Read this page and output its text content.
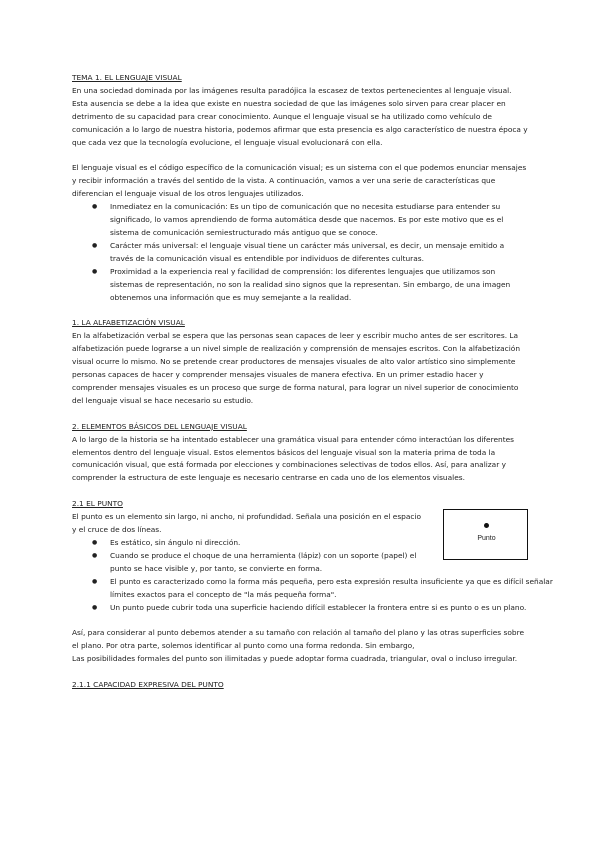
TEMA 1. EL LENGUAJE VISUAL

En una sociedad dominada por las imágenes resulta paradójica la escasez de textos pertenecientes al lenguaje visual. Esta ausencia se debe a la idea que existe en nuestra sociedad de que las imágenes solo sirven para crear placer en detrimento de su capacidad para crear conocimiento. Aunque el lenguaje visual se ha utilizado como vehículo de comunicación a lo largo de nuestra historia, podemos afirmar que esta presencia es algo característico de nuestra época y que cada vez que la tecnología evolucione, el lenguaje visual evolucionará con ella.

El lenguaje visual es el código específico de la comunicación visual; es un sistema con el que podemos enunciar mensajes y recibir información a través del sentido de la vista. A continuación, vamos a ver una serie de características que diferencian el lenguaje visual de los otros lenguajes utilizados.

● Inmediatez en la comunicación: Es un tipo de comunicación que no necesita estudiarse para entender su significado, lo vamos aprendiendo de forma automática desde que nacemos. Es por este motivo que es el sistema de comunicación semiestructurado más antiguo que se conoce.
● Carácter más universal: el lenguaje visual tiene un carácter más universal, es decir, un mensaje emitido a través de la comunicación visual es entendible por individuos de diferentes culturas.
● Proximidad a la experiencia real y facilidad de comprensión: los diferentes lenguajes que utilizamos son sistemas de representación, no son la realidad sino signos que la representan. Sin embargo, de una imagen obtenemos una información que es muy semejante a la realidad.
1. LA ALFABETIZACIÓN VISUAL

En la alfabetización verbal se espera que las personas sean capaces de leer y escribir mucho antes de ser escritores. La alfabetización puede lograrse a un nivel simple de realización y comprensión de mensajes escritos. Con la alfabetización visual ocurre lo mismo. No se pretende crear productores de mensajes visuales de alto valor artístico sino simplemente personas capaces de hacer y comprender mensajes visuales de manera efectiva. En un primer estadio hacer y comprender mensajes visuales es un proceso que surge de forma natural, para lograr un nivel superior de conocimiento del lenguaje visual se hace necesario su estudio.

2. ELEMENTOS BÁSICOS DEL LENGUAJE VISUAL

A lo largo de la historia se ha intentado establecer una gramática visual para entender cómo interactúan los diferentes elementos dentro del lenguaje visual. Estos elementos básicos del lenguaje visual son la materia prima de toda la comunicación visual, que está formada por elecciones y combinaciones selectivas de todos ellos. Así, para analizar y comprender la estructura de este lenguaje es necesario centrarse en cada uno de los elementos visuales.

2.1 EL PUNTO

El punto es un elemento sin largo, ni ancho, ni profundidad. Señala una posición en el espacio y el cruce de dos líneas.

● Es estático, sin ángulo ni dirección.
● Cuando se produce el choque de una herramienta (lápiz) con un soporte (papel) el punto se hace visible y, por tanto, se convierte en forma.
● El punto es caracterizado como la forma más pequeña, pero esta expresión resulta insuficiente ya que es difícil señalar límites exactos para el concepto de "la más pequeña forma".
● Un punto puede cubrir toda una superficie haciendo difícil establecer la frontera entre si es punto o es un plano.
Punto

Así, para considerar al punto debemos atender a su tamaño con relación al tamaño del plano y las otras superficies sobre el plano. Por otra parte, solemos identificar al punto como una forma redonda. Sin embargo,

Las posibilidades formales del punto son ilimitadas y puede adoptar forma cuadrada, triangular, oval o incluso irregular.

2.1.1 CAPACIDAD EXPRESIVA DEL PUNTO
